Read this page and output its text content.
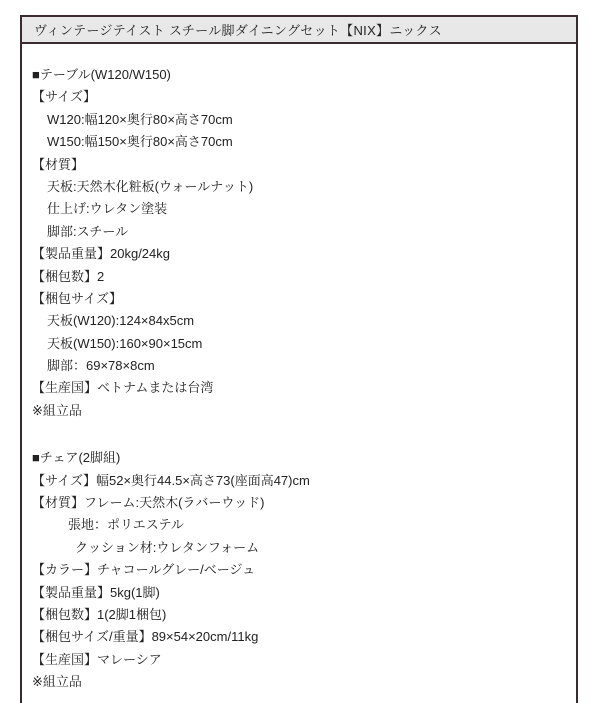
ヴィンテージテイスト スチール脚ダイニングセット【NIX】ニックス
■テーブル(W120/W150)
【サイズ】
W120:幅120×奥行80×高さ70cm
W150:幅150×奥行80×高さ70cm
【材質】
天板:天然木化粧板(ウォールナット)
仕上げ:ウレタン塗装
脚部:スチール
【製品重量】20kg/24kg
【梱包数】2
【梱包サイズ】
天板(W120):124×84x5cm
天板(W150):160×90×15cm
脚部：69×78×8cm
【生産国】ベトナムまたは台湾
※組立品
■チェア(2脚組)
【サイズ】幅52×奥行44.5×高さ73(座面高47)cm
【材質】フレーム:天然木(ラバーウッド)
張地：ポリエステル
クッション材:ウレタンフォーム
【カラー】チャコールグレー/ベージュ
【製品重量】5kg(1脚)
【梱包数】1(2脚1梱包)
【梱包サイズ/重量】89×54×20cm/11kg
【生産国】マレーシア
※組立品
